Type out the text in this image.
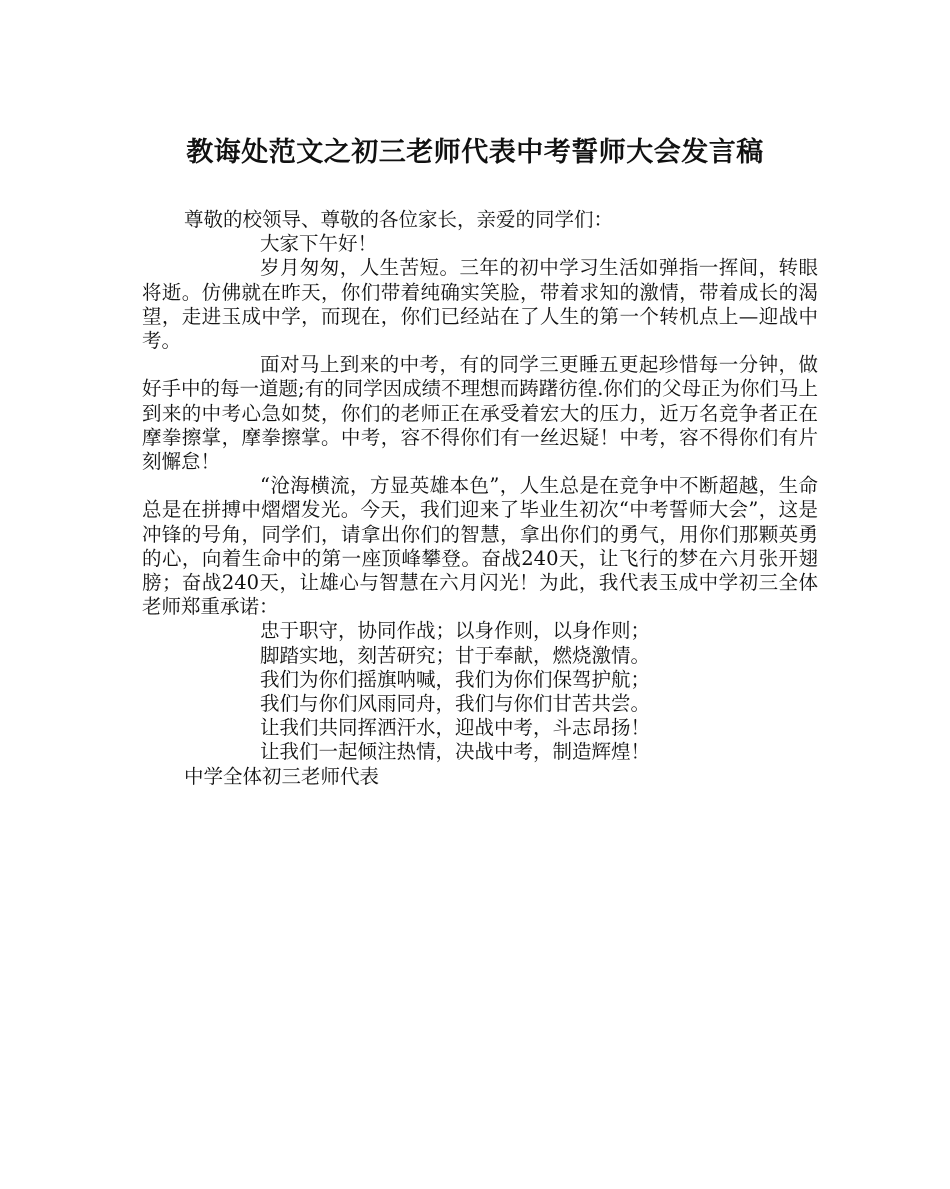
教诲处范文之初三老师代表中考誓师大会发言稿

尊敬的校领导、尊敬的各位家长，亲爱的同学们：

大家下午好！

岁月匆匆，人生苦短。三年的初中学习生活如弹指一挥间，转眼将逝。仿佛就在昨天，你们带着纯确实笑脸，带着求知的激情，带着成长的渴望，走进玉成中学，而现在，你们已经站在了人生的第一个转机点上—迎战中考。

面对马上到来的中考，有的同学三更睡五更起珍惜每一分钟，做好手中的每一道题;有的同学因成绩不理想而踌躇彷徨.你们的父母正为你们马上到来的中考心急如焚，你们的老师正在承受着宏大的压力，近万名竞争者正在摩拳擦掌，摩拳擦掌。中考，容不得你们有一丝迟疑！中考，容不得你们有片刻懈怠！

“沧海横流，方显英雄本色”，人生总是在竞争中不断超越，生命总是在拼搏中熠熠发光。今天，我们迎来了毕业生初次“中考誓师大会”，这是冲锋的号角，同学们，请拿出你们的智慧，拿出你们的勇气，用你们那颗英勇的心，向着生命中的第一座顶峰攀登。奋战240天，让飞行的梦在六月张开翅膀；奋战240天，让雄心与智慧在六月闪光！为此，我代表玉成中学初三全体老师郑重承诺：

忠于职守，协同作战；以身作则，以身作则；

脚踏实地，刻苦研究；甘于奉献，燃烧激情。

我们为你们摇旗呐喊，我们为你们保驾护航；

我们与你们风雨同舟，我们与你们甘苦共尝。

让我们共同挥洒汗水，迎战中考，斗志昂扬！

让我们一起倾注热情，决战中考，制造辉煌！

中学全体初三老师代表
